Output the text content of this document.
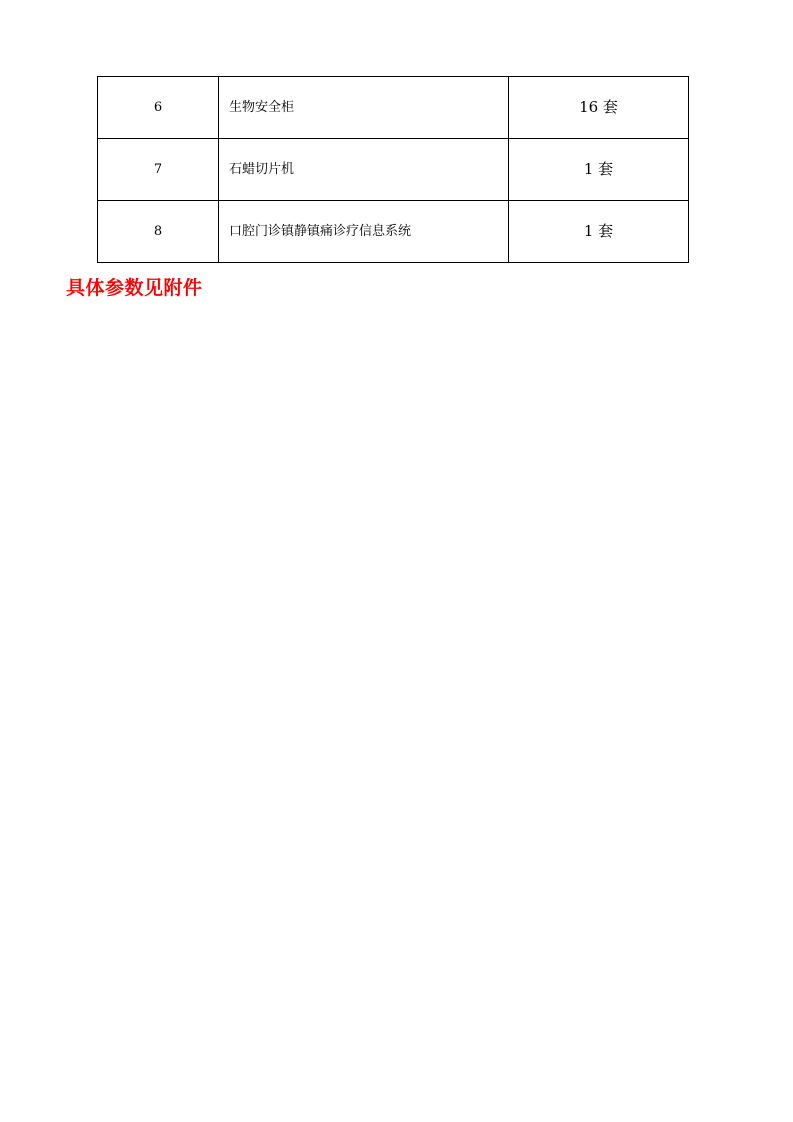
6	生物安全柜	16 套
7	石蜡切片机	1 套
8	口腔门诊镇静镇痛诊疗信息系统	1 套

具体参数见附件
